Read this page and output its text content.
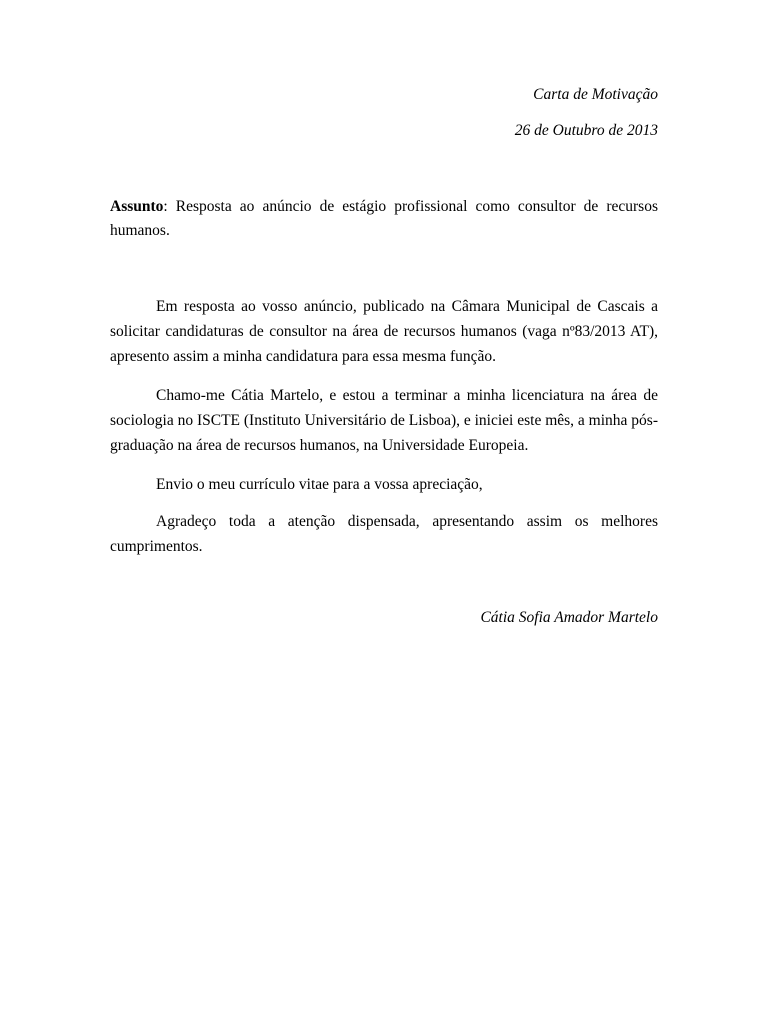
Carta de Motivação
26 de Outubro de 2013

Assunto: Resposta ao anúncio de estágio profissional como consultor de recursos humanos.

Em resposta ao vosso anúncio, publicado na Câmara Municipal de Cascais a solicitar candidaturas de consultor na área de recursos humanos (vaga nº83/2013 AT), apresento assim a minha candidatura para essa mesma função.

Chamo-me Cátia Martelo, e estou a terminar a minha licenciatura na área de sociologia no ISCTE (Instituto Universitário de Lisboa), e iniciei este mês, a minha pós-graduação na área de recursos humanos, na Universidade Europeia.

Envio o meu currículo vitae para a vossa apreciação,

Agradeço toda a atenção dispensada, apresentando assim os melhores cumprimentos.

Cátia Sofia Amador Martelo
